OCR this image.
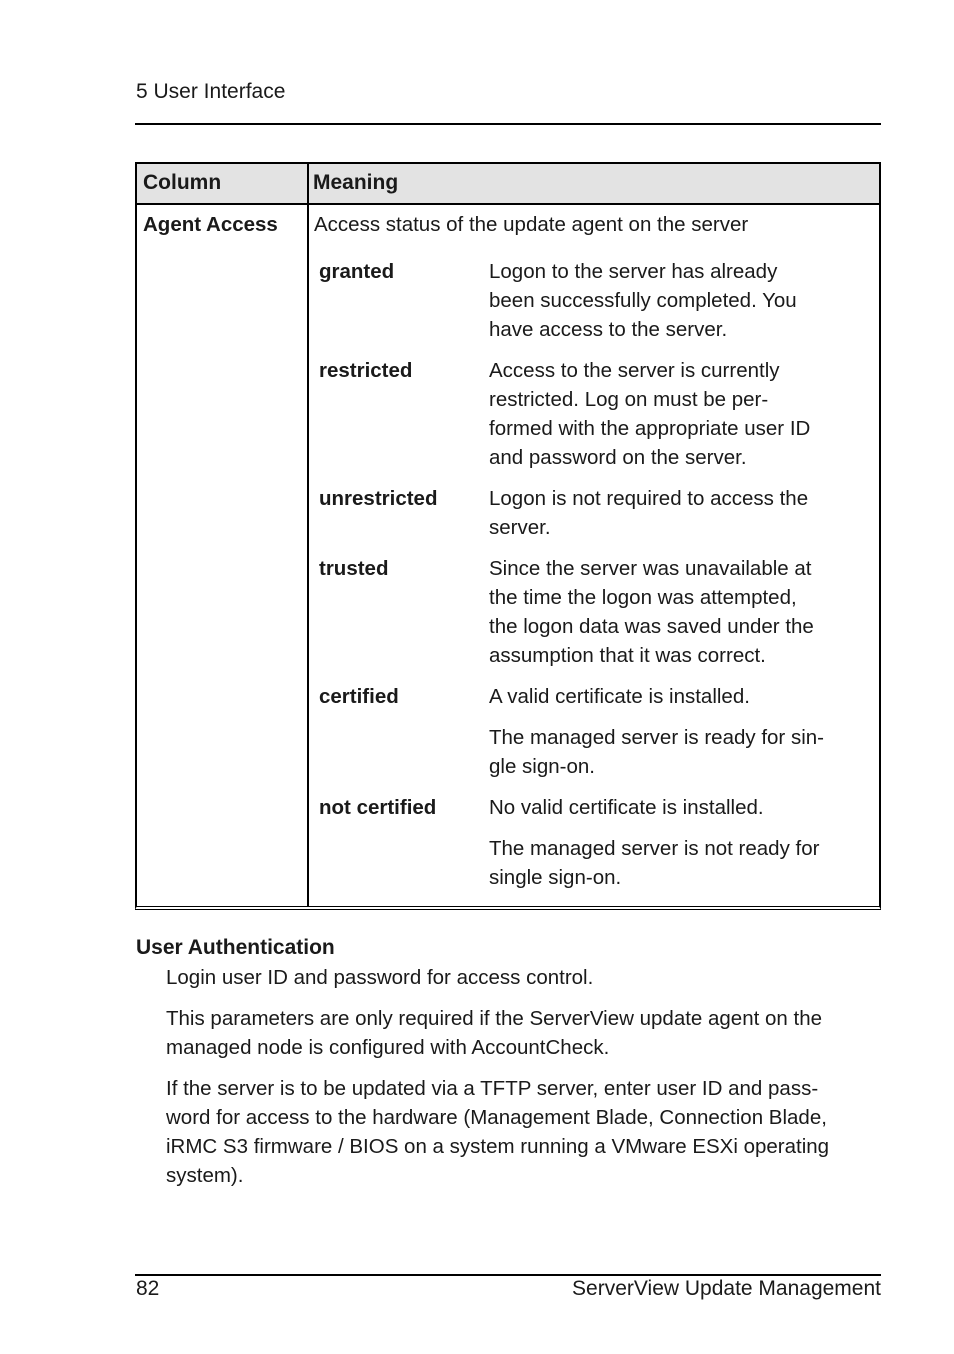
5 User Interface
Column	Meaning
Agent Access Access status of the update agent on the server
granted	Logon to the server has already

been successfully completed. You

have access to the server.

restricted	Access to the server is currently

restricted. Log on must be per-

formed with the appropriate user ID

and password on the server.

unrestricted	Logon is not required to access the

server.

trusted	Since the server was unavailable at

the time the logon was attempted,

the logon data was saved under the

assumption that it was correct.

certified	A valid certificate is installed.

The managed server is ready for sin-

gle sign-on.

not certified	No valid certificate is installed.

The managed server is not ready for

single sign-on.

User Authentication

Login user ID and password for access control.

This parameters are only required if the ServerView update agent on the

managed node is configured with AccountCheck.

If the server is to be updated via a TFTP server, enter user ID and pass-

word for access to the hardware (Management Blade, Connection Blade,

iRMC S3 firmware / BIOS on a system running a VMware ESXi operating

system).

82	ServerView Update Management
